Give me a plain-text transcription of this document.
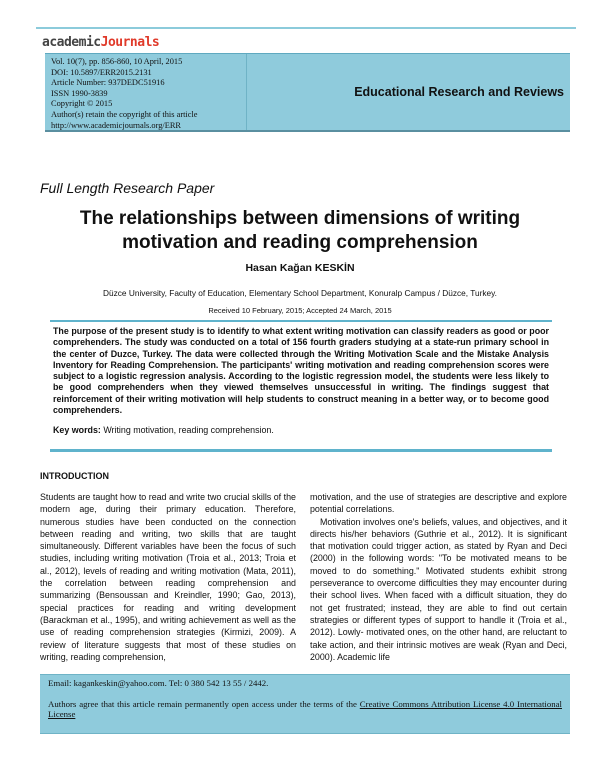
academicJournals
Vol. 10(7), pp. 856-860, 10 April, 2015
DOI: 10.5897/ERR2015.2131
Article Number: 937DEDC51916
ISSN 1990-3839
Copyright © 2015
Author(s) retain the copyright of this article
http://www.academicjournals.org/ERR
Educational Research and Reviews
Full Length Research Paper
The relationships between dimensions of writing motivation and reading comprehension
Hasan Kağan KESKİN
Düzce University, Faculty of Education, Elementary School Department, Konuralp Campus / Düzce, Turkey.
Received 10 February, 2015; Accepted 24 March, 2015

The purpose of the present study is to identify to what extent writing motivation can classify readers as good or poor comprehenders. The study was conducted on a total of 156 fourth graders studying at a state-run primary school in the center of Duzce, Turkey. The data were collected through the Writing Motivation Scale and the Mistake Analysis Inventory for Reading Comprehension. The participants' writing motivation and reading comprehension scores were subject to a logistic regression analysis. According to the logistic regression model, the students were less likely to be good comprehenders when they viewed themselves unsuccessful in writing. The findings suggest that reinforcement of their writing motivation will help students to construct meaning in a better way, or to become good comprehenders.

Key words: Writing motivation, reading comprehension.
INTRODUCTION

Students are taught how to read and write two crucial skills of the modern age, during their primary education. Therefore, numerous studies have been conducted on the connection between reading and writing, two skills that are taught simultaneously. Different variables have been the focus of such studies, including writing motivation (Troia et al., 2013; Troia et al., 2012), levels of reading and writing motivation (Mata, 2011), the correlation between reading comprehension and summarizing (Bensoussan and Kreindler, 1990; Gao, 2013), special practices for reading and writing development (Barackman et al., 1995), and writing achievement as well as the use of reading comprehension strategies (Kirmizi, 2009). A review of literature suggests that most of these studies on writing, reading comprehension,

motivation, and the use of strategies are descriptive and explore potential correlations.

Motivation involves one's beliefs, values, and objectives, and it directs his/her behaviors (Guthrie et al., 2012). It is significant that motivation could trigger action, as stated by Ryan and Deci (2000) in the following words: "To be motivated means to be moved to do something." Motivated students exhibit strong perseverance to overcome difficulties they may encounter during their school lives. When faced with a difficult situation, they do not get frustrated; instead, they are able to find out certain strategies or different types of support to handle it (Troia et al., 2012). Lowly- motivated ones, on the other hand, are reluctant to take action, and their intrinsic motives are weak (Ryan and Deci, 2000). Academic life

Email: kagankeskin@yahoo.com. Tel: 0 380 542 13 55 / 2442.
Authors agree that this article remain permanently open access under the terms of the Creative Commons Attribution License 4.0 International License
